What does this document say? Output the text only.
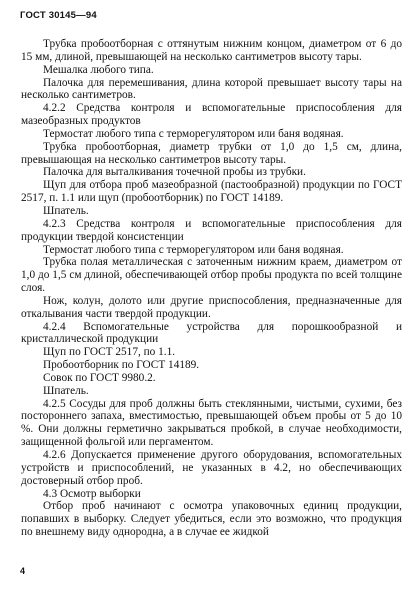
ГОСТ 30145—94

Трубка пробоотборная с оттянутым нижним концом, диаметром от 6 до 15 мм, длиной, превышающей на несколько сантиметров высоту тары.

Мешалка любого типа.

Палочка для перемешивания, длина которой превышает высоту тары на несколько сантиметров.

4.2.2 Средства контроля и вспомогательные приспособления для мазеобразных продуктов

Термостат любого типа с терморегулятором или баня водяная.

Трубка пробоотборная, диаметр трубки от 1,0 до 1,5 см, длина, превышающая на несколько сантиметров высоту тары.

Палочка для выталкивания точечной пробы из трубки.

Щуп для отбора проб мазеобразной (пастообразной) продукции по ГОСТ 2517, п. 1.1 или щуп (пробоотборник) по ГОСТ 14189.

Шпатель.

4.2.3 Средства контроля и вспомогательные приспособления для продукции твердой консистенции

Термостат любого типа с терморегулятором или баня водяная.

Трубка полая металлическая с заточенным нижним краем, диаметром от 1,0 до 1,5 см длиной, обеспечивающей отбор пробы продукта по всей толщине слоя.

Нож, колун, долото или другие приспособления, предназначенные для откалывания части твердой продукции.

4.2.4 Вспомогательные устройства для порошкообразной и кристаллической продукции

Щуп по ГОСТ 2517, по 1.1.

Пробоотборник по ГОСТ 14189.

Совок по ГОСТ 9980.2.

Шпатель.

4.2.5 Сосуды для проб должны быть стеклянными, чистыми, сухими, без постороннего запаха, вместимостью, превышающей объем пробы от 5 до 10 %. Они должны герметично закрываться пробкой, в случае необходимости, защищенной фольгой или пергаментом.

4.2.6 Допускается применение другого оборудования, вспомогательных устройств и приспособлений, не указанных в 4.2, но обеспечивающих достоверный отбор проб.

4.3 Осмотр выборки

Отбор проб начинают с осмотра упаковочных единиц продукции, попавших в выборку. Следует убедиться, если это возможно, что продукция по внешнему виду однородна, а в случае ее жидкой

4
